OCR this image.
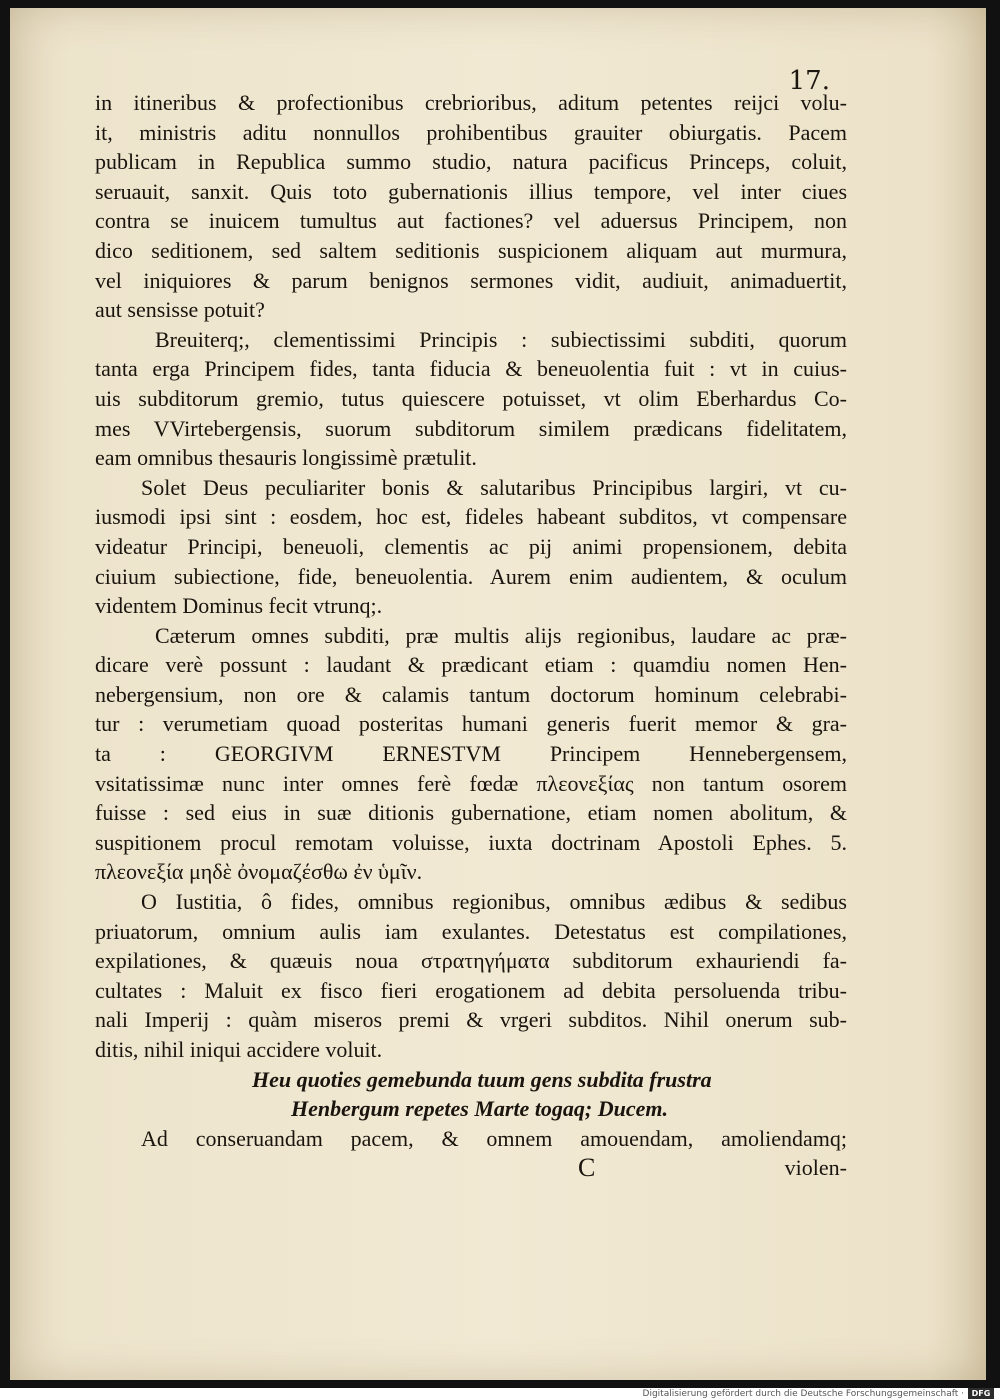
17.
in itineribus & profectionibus crebrioribus, aditum petentes reijci volu-
it, ministris aditu nonnullos prohibentibus grauiter obiurgatis. Pacem
publicam in Republica summo studio, natura pacificus Princeps, coluit,
seruauit, sanxit. Quis toto gubernationis illius tempore, vel inter ciues
contra se inuicem tumultus aut factiones? vel aduersus Principem, non
dico seditionem, sed saltem seditionis suspicionem aliquam aut murmura,
vel iniquiores & parum benignos sermones vidit, audiuit, animaduertit,
aut sensisse potuit?
Breuiterq;, clementissimi Principis : subiectissimi subditi, quorum
tanta erga Principem fides, tanta fiducia & beneuolentia fuit : vt in cuius-
uis subditorum gremio, tutus quiescere potuisset, vt olim Eberhardus Co-
mes VVirtebergensis, suorum subditorum similem prædicans fidelitatem,
eam omnibus thesauris longissimè prætulit.
Solet Deus peculiariter bonis & salutaribus Principibus largiri, vt cu-
iusmodi ipsi sint : eosdem, hoc est, fideles habeant subditos, vt compensare
videatur Principi, beneuoli, clementis ac pij animi propensionem, debita
ciuium subiectione, fide, beneuolentia. Aurem enim audientem, & oculum
videntem Dominus fecit vtrunq;.
Cæterum omnes subditi, præ multis alijs regionibus, laudare ac præ-
dicare verè possunt : laudant & prædicant etiam : quamdiu nomen Hen-
nebergensium, non ore & calamis tantum doctorum hominum celebrabi-
tur : verumetiam quoad posteritas humani generis fuerit memor & gra-
ta : GEORGIVM ERNESTVM Principem Hennebergensem,
vsitatissimæ nunc inter omnes ferè fœdæ πλεονεξίας non tantum osorem
fuisse : sed eius in suæ ditionis gubernatione, etiam nomen abolitum, &
suspitionem procul remotam voluisse, iuxta doctrinam Apostoli Ephes. 5.
πλεονεξία μηδὲ ὀνομαζέσθω ἐν ὑμῖν.
O Iustitia, ô fides, omnibus regionibus, omnibus ædibus & sedibus
priuatorum, omnium aulis iam exulantes. Detestatus est compilationes,
expilationes, & quæuis noua στρατηγήματα subditorum exhauriendi fa-
cultates : Maluit ex fisco fieri erogationem ad debita persoluenda tribu-
nali Imperij : quàm miseros premi & vrgeri subditos. Nihil onerum sub-
ditis, nihil iniqui accidere voluit.
Heu quoties gemebunda tuum gens subdita frustra
Henbergum repetes Marte togaq; Ducem.
Ad conseruandam pacem, & omnem amouendam, amoliendamq;
C	violen-
Digitalisierung gefördert durch die Deutsche Forschungsgemeinschaft · DFG
